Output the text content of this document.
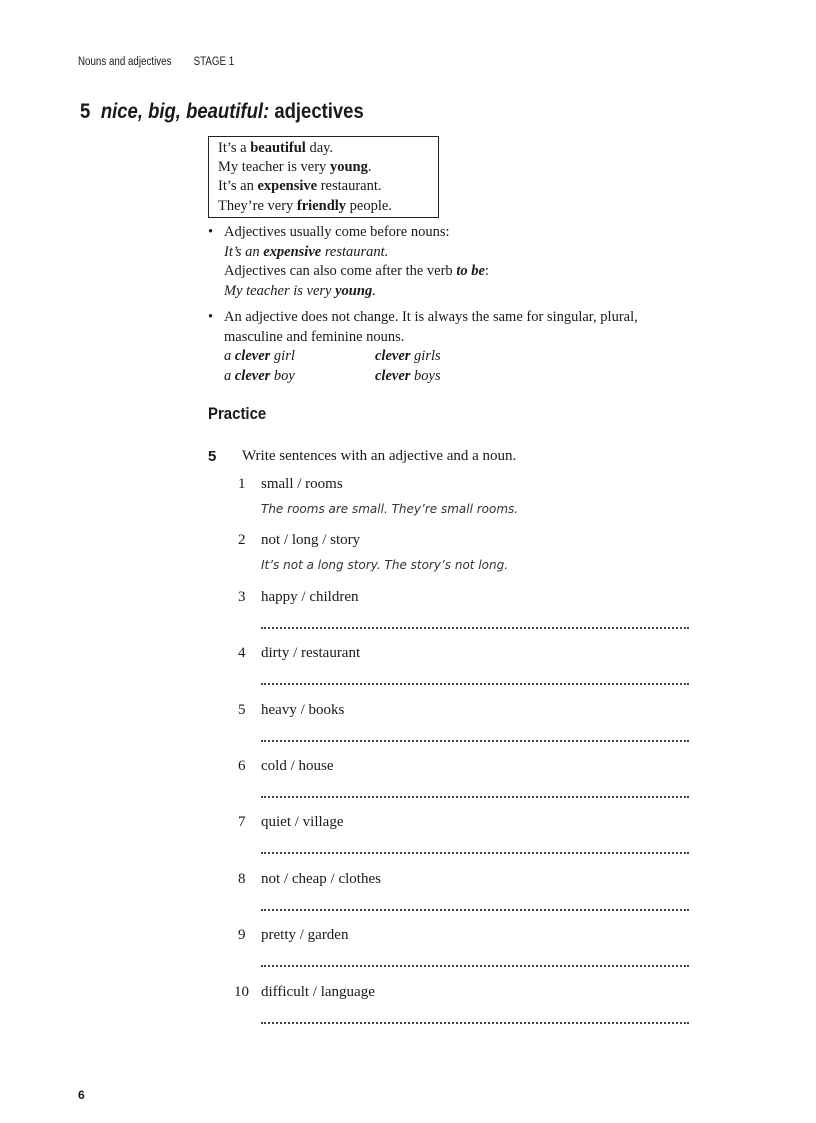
Nouns and adjectives STAGE 1
5 nice, big, beautiful: adjectives
It’s a beautiful day.
My teacher is very young.
It’s an expensive restaurant.
They’re very friendly people.
• Adjectives usually come before nouns:
It’s an expensive restaurant.
Adjectives can also come after the verb to be:
My teacher is very young.
• An adjective does not change. It is always the same for singular, plural,
masculine and feminine nouns.
a clever girl	clever girls
a clever boy	clever boys
Practice
5 Write sentences with an adjective and a noun.
1	small / rooms
The rooms are small. They’re small rooms.
2	not / long / story
It’s not a long story. The story’s not long.
3	happy / children
4	dirty / restaurant
5	heavy / books
6	cold / house
7	quiet / village
8	not / cheap / clothes
9	pretty / garden
10 difficult / language
6
